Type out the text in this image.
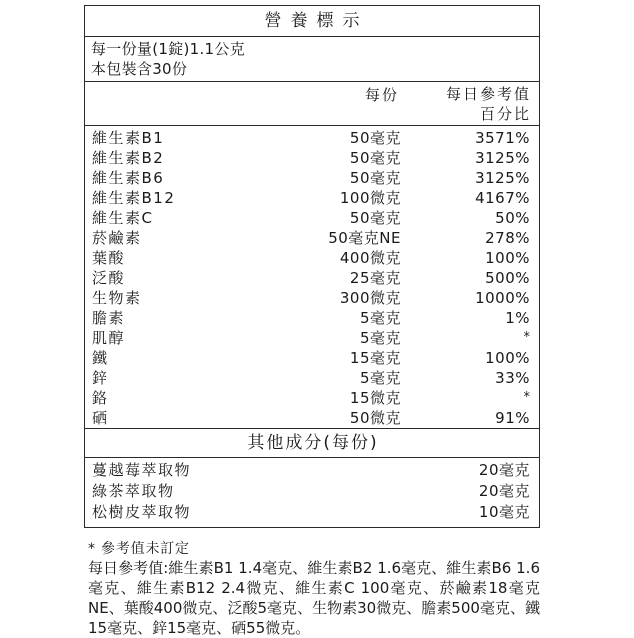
營養標示
每一份量(1錠)1.1公克
本包裝含30份
每份	每日參考值
百分比
維生素B1	50毫克	3571%
維生素B2	50毫克	3125%
維生素B6	50毫克	3125%
維生素B12	100微克	4167%
維生素C	50毫克	50%
菸鹼素	50毫克NE	278%
葉酸	400微克	100%
泛酸	25毫克	500%
生物素	300微克	1000%
膽素	5毫克	1%
肌醇	5毫克	*
鐵	15毫克	100%
鋅	5毫克	33%
鉻	15微克	*
硒	50微克	91%
其他成分(每份)
蔓越莓萃取物	20毫克
綠茶萃取物	20毫克
松樹皮萃取物	10毫克
* 參考值未訂定
每日參考值:維生素B1 1.4毫克、維生素B2 1.6毫克、維生素B6 1.6毫克、維生素B12 2.4微克、維生素C 100毫克、菸鹼素18毫克NE、葉酸400微克、泛酸5毫克、生物素30微克、膽素500毫克、鐵15毫克、鋅15毫克、硒55微克。
